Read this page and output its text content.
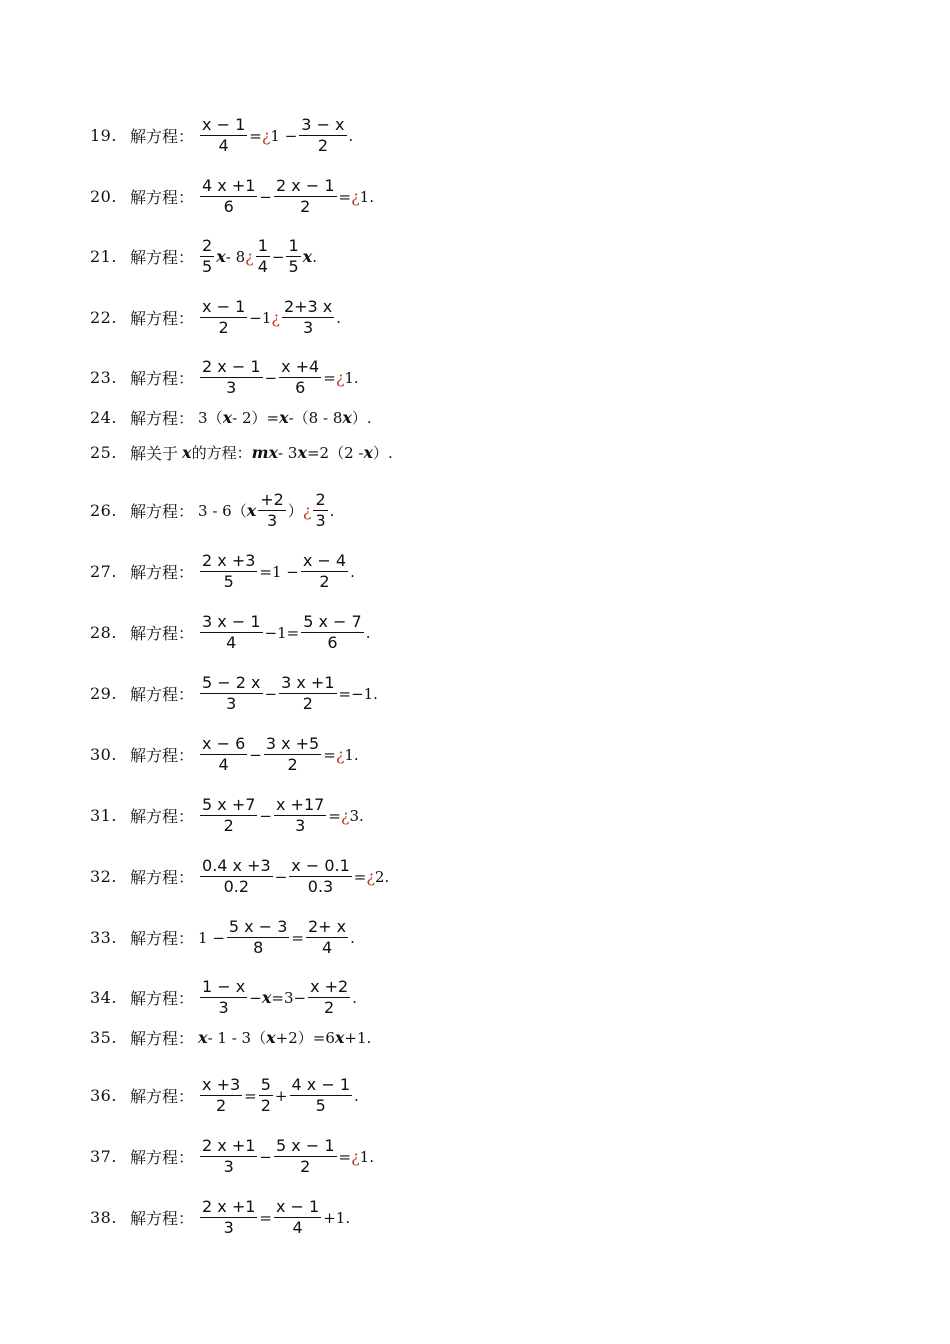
19. 解方程： $\frac{x - 1}{4}$ = ¿ $1 - \frac{3 - x}{2}$ .
20. 解方程： $\frac{4 x +1}{6} - \frac{2 x - 1}{2}$ = ¿ 1.
21. 解方程： $\frac{2}{5}$ x - 8 ¿ $\frac{1}{4} - \frac{1}{5}$ x .
22. 解方程： $\frac{x - 1}{2} -1$ ¿ $\frac{2+3 x}{3}$ .
23. 解方程： $\frac{2 x - 1}{3} - \frac{x +4}{6}$ = ¿ 1.
24. 解方程： 3（ x - 2）= x -（8 - 8 x ）.
25. 解关于 x 的方程： mx - 3 x =2（2 - x ）.
26. 解方程： 3 - 6（ x $\frac{+2}{3}$ ） ¿ $\frac{2}{3}$ .
27. 解方程： $\frac{2 x +3}{5} =1 - \frac{x - 4}{2}$ .
28. 解方程： $\frac{3 x - 1}{4} -1= \frac{5 x - 7}{6}$ .
29. 解方程： $\frac{5 - 2 x}{3} - \frac{3 x +1}{2} =-1$.
30. 解方程： $\frac{x - 6}{4} - \frac{3 x +5}{2}$ = ¿ 1.
31. 解方程： $\frac{5 x +7}{2} - \frac{x +17}{3}$ = ¿ 3.
32. 解方程： $\frac{0.4 x +3}{0.2} - \frac{x - 0.1}{0.3}$ = ¿ 2.
33. 解方程： $1 - \frac{5 x - 3}{8} = \frac{2+ x}{4}$ .
34. 解方程： $\frac{1 - x}{3} - x =3- \frac{x +2}{2}$ .
35. 解方程： x - 1 - 3（ x +2）=6 x +1.
36. 解方程： $\frac{x +3}{2} = \frac{5}{2} + \frac{4 x - 1}{5}$ .
37. 解方程： $\frac{2 x +1}{3} - \frac{5 x - 1}{2}$ = ¿ 1.
38. 解方程： $\frac{2 x +1}{3} = \frac{x - 1}{4} +1$.
